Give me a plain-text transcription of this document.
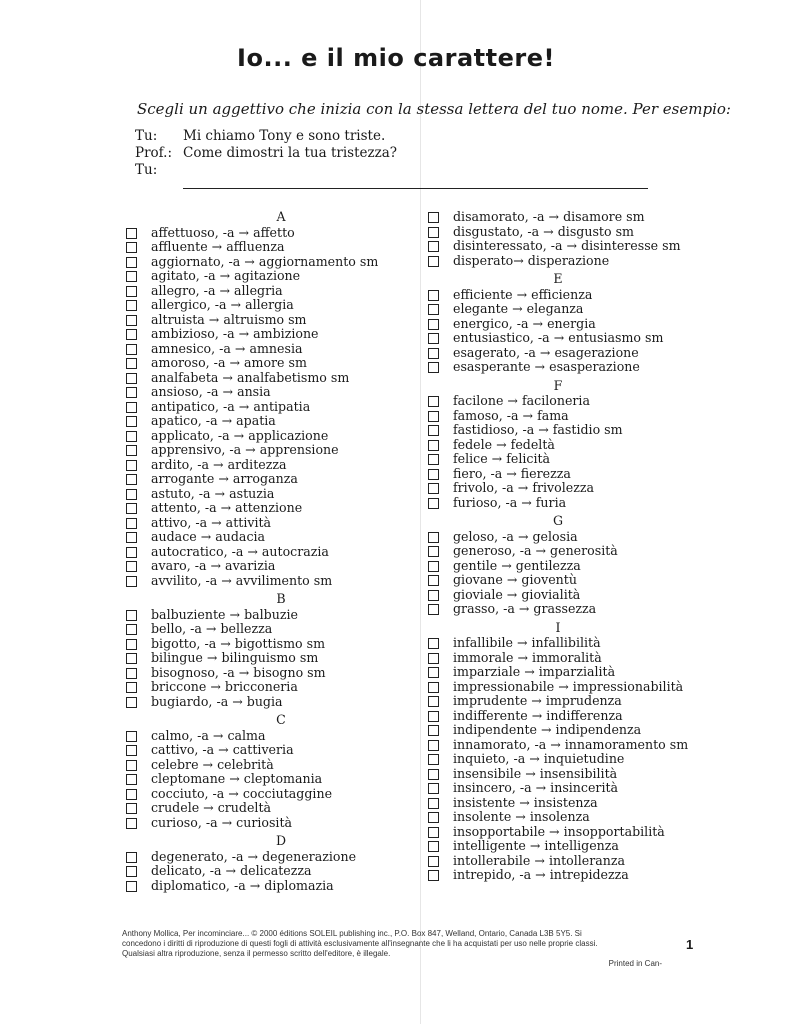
Io... e il mio carattere!
Scegli un aggettivo che inizia con la stessa lettera del tuo nome. Per esempio:
Tu:	Mi chiamo Tony e sono triste.
Prof.: Come dimostri la tua tristezza?
Tu:
A
affettuoso, -a → affetto
affluente → affluenza
aggiornato, -a → aggiornamento sm
agitato, -a → agitazione
allegro, -a → allegria
allergico, -a → allergia
altruista → altruismo sm
ambizioso, -a → ambizione
amnesico, -a → amnesia
amoroso, -a → amore sm
analfabeta → analfabetismo sm
ansioso, -a → ansia
antipatico, -a → antipatia
apatico, -a → apatia
applicato, -a → applicazione
apprensivo, -a → apprensione
ardito, -a → arditezza
arrogante → arroganza
astuto, -a → astuzia
attento, -a → attenzione
attivo, -a → attività
audace → audacia
autocratico, -a → autocrazia
avaro, -a → avarizia
avvilito, -a → avvilimento sm
B
balbuziente → balbuzie
bello, -a → bellezza
bigotto, -a → bigottismo sm
bilingue → bilinguismo sm
bisognoso, -a → bisogno sm
briccone → bricconeria
bugiardo, -a → bugia
C
calmo, -a → calma
cattivo, -a → cattiveria
celebre → celebrità
cleptomane → cleptomania
cocciuto, -a → cocciutaggine
crudele → crudeltà
curioso, -a → curiosità
D
degenerato, -a → degenerazione
delicato, -a → delicatezza
diplomatico, -a → diplomazia
disamorato, -a → disamore sm
disgustato, -a → disgusto sm
disinteressato, -a → disinteresse sm
disperato→ disperazione
E
efficiente → efficienza
elegante → eleganza
energico, -a → energia
entusiastico, -a → entusiasmo sm
esagerato, -a → esagerazione
esasperante → esasperazione
F
facilone → faciloneria
famoso, -a → fama
fastidioso, -a → fastidio sm
fedele → fedeltà
felice → felicità
fiero, -a → fierezza
frivolo, -a → frivolezza
furioso, -a → furia
G
geloso, -a → gelosia
generoso, -a → generosità
gentile → gentilezza
giovane → gioventù
gioviale → giovialità
grasso, -a → grassezza
I
infallibile → infallibilità
immorale → immoralità
imparziale → imparzialità
impressionabile → impressionabilità
imprudente → imprudenza
indifferente → indifferenza
indipendente → indipendenza
innamorato, -a → innamoramento sm
inquieto, -a → inquietudine
insensibile → insensibilità
insincero, -a → insincerità
insistente → insistenza
insolente → insolenza
insopportabile → insopportabilità
intelligente → intelligenza
intollerabile → intolleranza
intrepido, -a → intrepidezza
Anthony Mollica, Per incominciare... © 2000 éditions SOLEIL publishing inc., P.O. Box 847, Welland, Ontario, Canada L3B 5Y5. Si
concedono i diritti di riproduzione di questi fogli di attività esclusivamente all'insegnante che li ha acquistati per uso nelle proprie classi.
Qualsiasi altra riproduzione, senza il permesso scritto dell'editore, è illegale.
Printed in Can-
1
